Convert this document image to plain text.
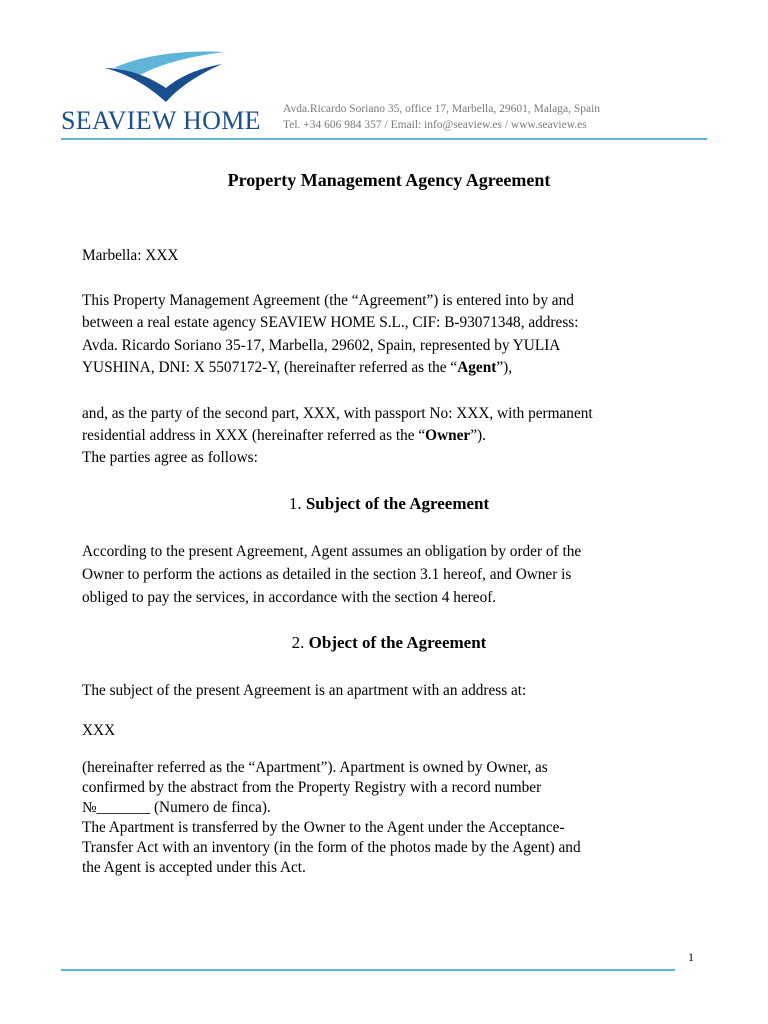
SEAVIEW HOME Avda.Ricardo Soriano 35, office 17, Marbella, 29601, Malaga, Spain
Tel. +34 606 984 357 / Email: info@seaview.es / www.seaview.es
Property Management Agency Agreement
Marbella: XXX
This Property Management Agreement (the “Agreement”) is entered into by and
between a real estate agency SEAVIEW HOME S.L., CIF: B-93071348, address:
Avda. Ricardo Soriano 35-17, Marbella, 29602, Spain, represented by YULIA
YUSHINA, DNI: X 5507172-Y, (hereinafter referred as the “Agent”),
and, as the party of the second part, XXX, with passport No: XXX, with permanent
residential address in XXX (hereinafter referred as the “Owner”).
The parties agree as follows:
1. Subject of the Agreement
According to the present Agreement, Agent assumes an obligation by order of the
Owner to perform the actions as detailed in the section 3.1 hereof, and Owner is
obliged to pay the services, in accordance with the section 4 hereof.
2. Object of the Agreement
The subject of the present Agreement is an apartment with an address at:
XXX
(hereinafter referred as the “Apartment”). Apartment is owned by Owner, as
confirmed by the abstract from the Property Registry with a record number
№_______ (Numero de finca).
The Apartment is transferred by the Owner to the Agent under the Acceptance-
Transfer Act with an inventory (in the form of the photos made by the Agent) and
the Agent is accepted under this Act.
1
